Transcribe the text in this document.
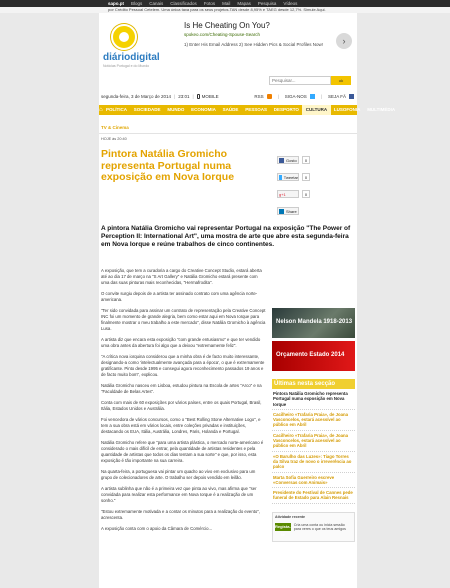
sapo.pt Blogs Canais Classificados Fotos Mail Mapas Pesquisa Vídeos
por Crédito Pessoal Cetelem. Uma única taxa para os seus projetos.TAN desde 8,95% e TAEG desde 12,7%. Simule Aqui.
diáriodigital
Notícias Portugal e do Mundo
Is He Cheating On You?
spokeo.com/Cheating-Spouse-Search
1) Enter His Email Address 2) See Hidden Pics & Social Profiles Now!	›
Pesquisar...
ok
segunda-feira, 3 de Março de 2014 | 23:01 | MOBILE	RSS	| SIGA-NOS	| SEJA FÃ
⌂ POLÍTICA	SOCIEDADE	MUNDO	ECONOMIA	SAÚDE	PESSOAS	DESPORTO	CULTURA	LUSOFONIA	MULTIMÉDIA
TV & Cinema
HOJE às 20:40
Pintora Natália Gromicho representa Portugal numa exposição em Nova Iorque
Gosto	0
Tweetar	0
g+1	0
Share
A pintora Natália Gromicho vai representar Portugal na exposição "The Power of Perception II: International Art", uma mostra de arte que abre esta segunda-feira em Nova Iorque e reúne trabalhos de cinco continentes.

A exposição, que tem a curadoria a cargo do Creative Concept Studio, estará aberta até ao dia 17 de março na "S Art Gallery" e Natália Gromicho estará presente com uma das suas pinturas mais reconhecidas, "Hermafrodita".

O convite surgiu depois de a artista ter assinado contrato com uma agência norte-americana.

"Ter sido convidada para assinar um contrato de representação pela Creative Concept INC foi um momento de grande alegria, bem como estar aqui em Nova Iorque para finalmente mostrar o meu trabalho a este mercado", disse Natália Gromicho à agência Lusa.

A artista diz que encara esta exposição "com grande entusiasmo" e que ter vendido uma obra antes da abertura foi algo que a deixou "extremamente feliz".

"A crítica nova iorquina considerou que a minha obra é de facto muito interessante, designando-a como 'intelectualmente avançada para a época', o que é extremamente gratificante. Pinto desde 1995 e consegui agora reconhecimento passados 19 anos e de facto muito bom", explicou.

Natália Gromicho nasceu em Lisboa, estudou pintura na Escola de artes "Arco" e na "Faculdade de Belas Artes".

Conta com mais de 60 exposições por vários países, entre os quais Portugal, Brasil, Itália, Estados Unidos e Austrália.

Foi vencedora de vários concursos, como o "Best Rolling Stone Alternative Logo", e tem a sua obra está em vários locais, entre coleções privadas e instituições, destacando os EUA, Itália, Austrália, Londres, Paris, Holanda e Portugal.

Natália Gromicho refere que "para uma artista plástica, o mercado norte-americano é considerado o mais difícil de entrar, pela quantidade de artistas residentes e pela quantidade de artistas que todos os dias tentam a sua sorte" e que, por isso, esta exposição é tão importante na sua carreira.

Na quarta-feira, a portuguesa vai pintar um quadro ao vivo em exclusivo para um grupo de colecionadores de arte. O trabalho ser depois vendido em leilão.

A artista sublinha que não é a primeira vez que pinta ao vivo, mas afirma que "ser convidada para realizar esta performance em Nova Iorque é a realização de um sonho."

"Estou extremamente motivada e a contar os minutos para a realização do evento", acrescenta.

A exposição conta com o apoio da Câmara de Comércio...

Nelson Mandela 1918-2013
Orçamento Estado 2014
Últimas nesta secção
Pintora Natália Gromicho representa Portugal numa exposição em Nova Iorque
Cacilheiro «Trafaria Praia», de Joana Vasconcelos, estará acessível ao público em Abril
Cacilheiro «Trafaria Praia», de Joana Vasconcelos, estará acessível ao público em Abril
«O Barulho das Luzes»: Tiago Torres da Silva traz de novo o irreverência ao palco
Marta Sofia Guerreiro escreve «Conversas com Animais»
Presidente do Festival de Cannes pede funeral de Estado para Alain Resnais
Atividade recente
Regista-te
Cria uma conta ou inicia sessão para veres o que os teus amigos
